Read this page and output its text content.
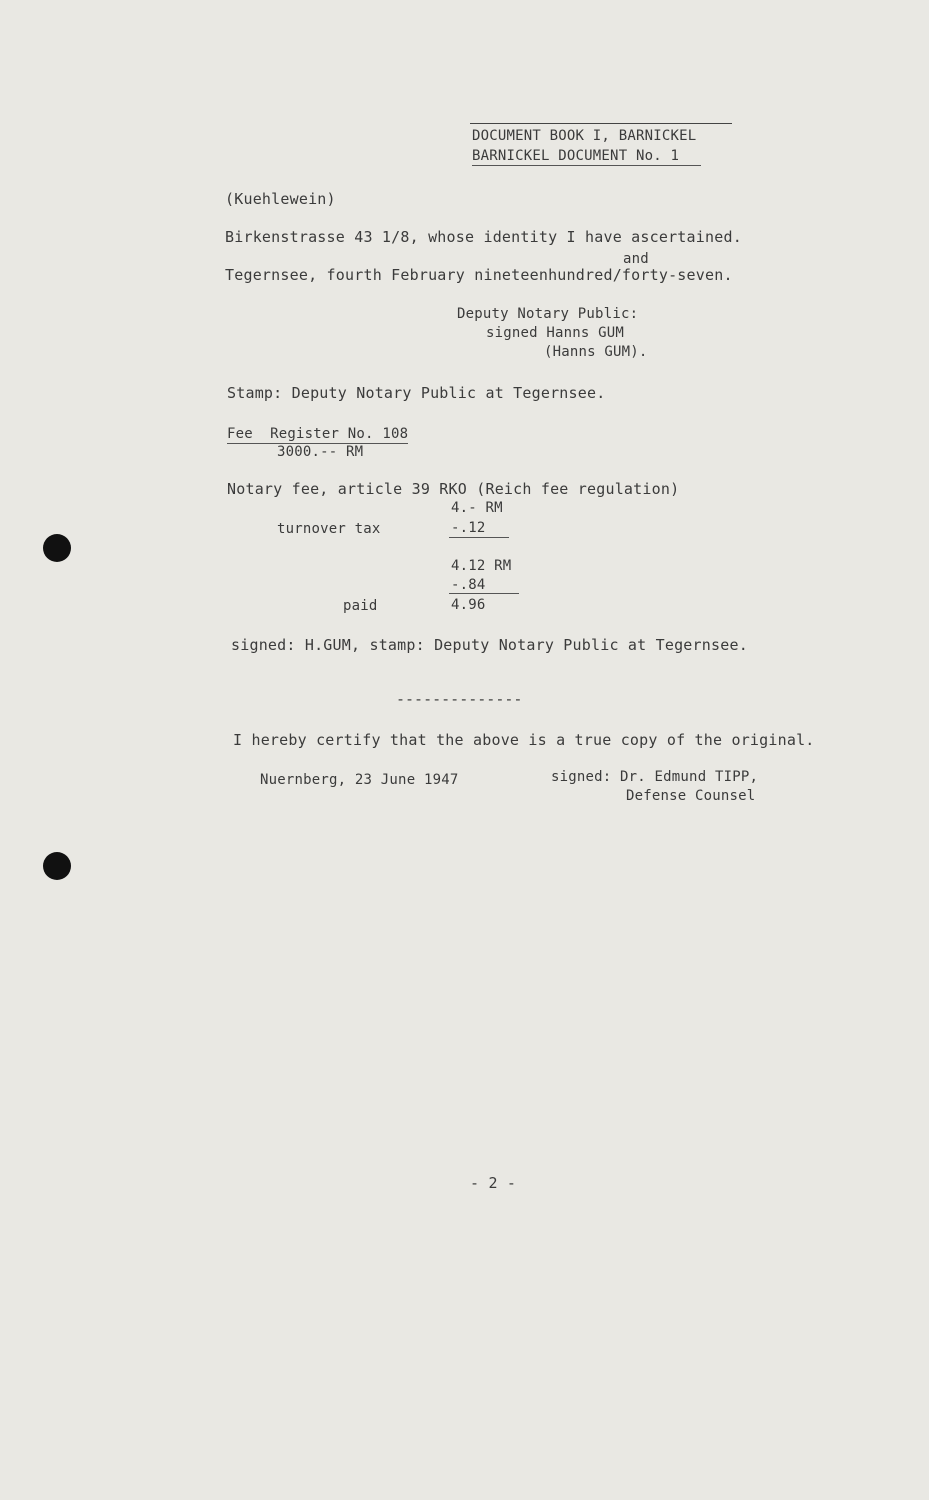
DOCUMENT BOOK I, BARNICKEL
BARNICKEL DOCUMENT No. 1
(Kuehlewein)
Birkenstrasse 43 1/8, whose identity I have ascertained.
and
Tegernsee, fourth February nineteenhundred/forty-seven.
Deputy Notary Public:
signed Hanns GUM
(Hanns GUM).
Stamp: Deputy Notary Public at Tegernsee.
Fee  Register No. 108
3000.-- RM
Notary fee, article 39 RKO (Reich fee regulation)
4.- RM
turnover tax	-.12
4.12 RM
-.84
paid	4.96
signed: H.GUM, stamp: Deputy Notary Public at Tegernsee.
--------------
I hereby certify that the above is a true copy of the original.
Nuernberg, 23 June 1947	signed: Dr. Edmund TIPP,
Defense Counsel
- 2 -
